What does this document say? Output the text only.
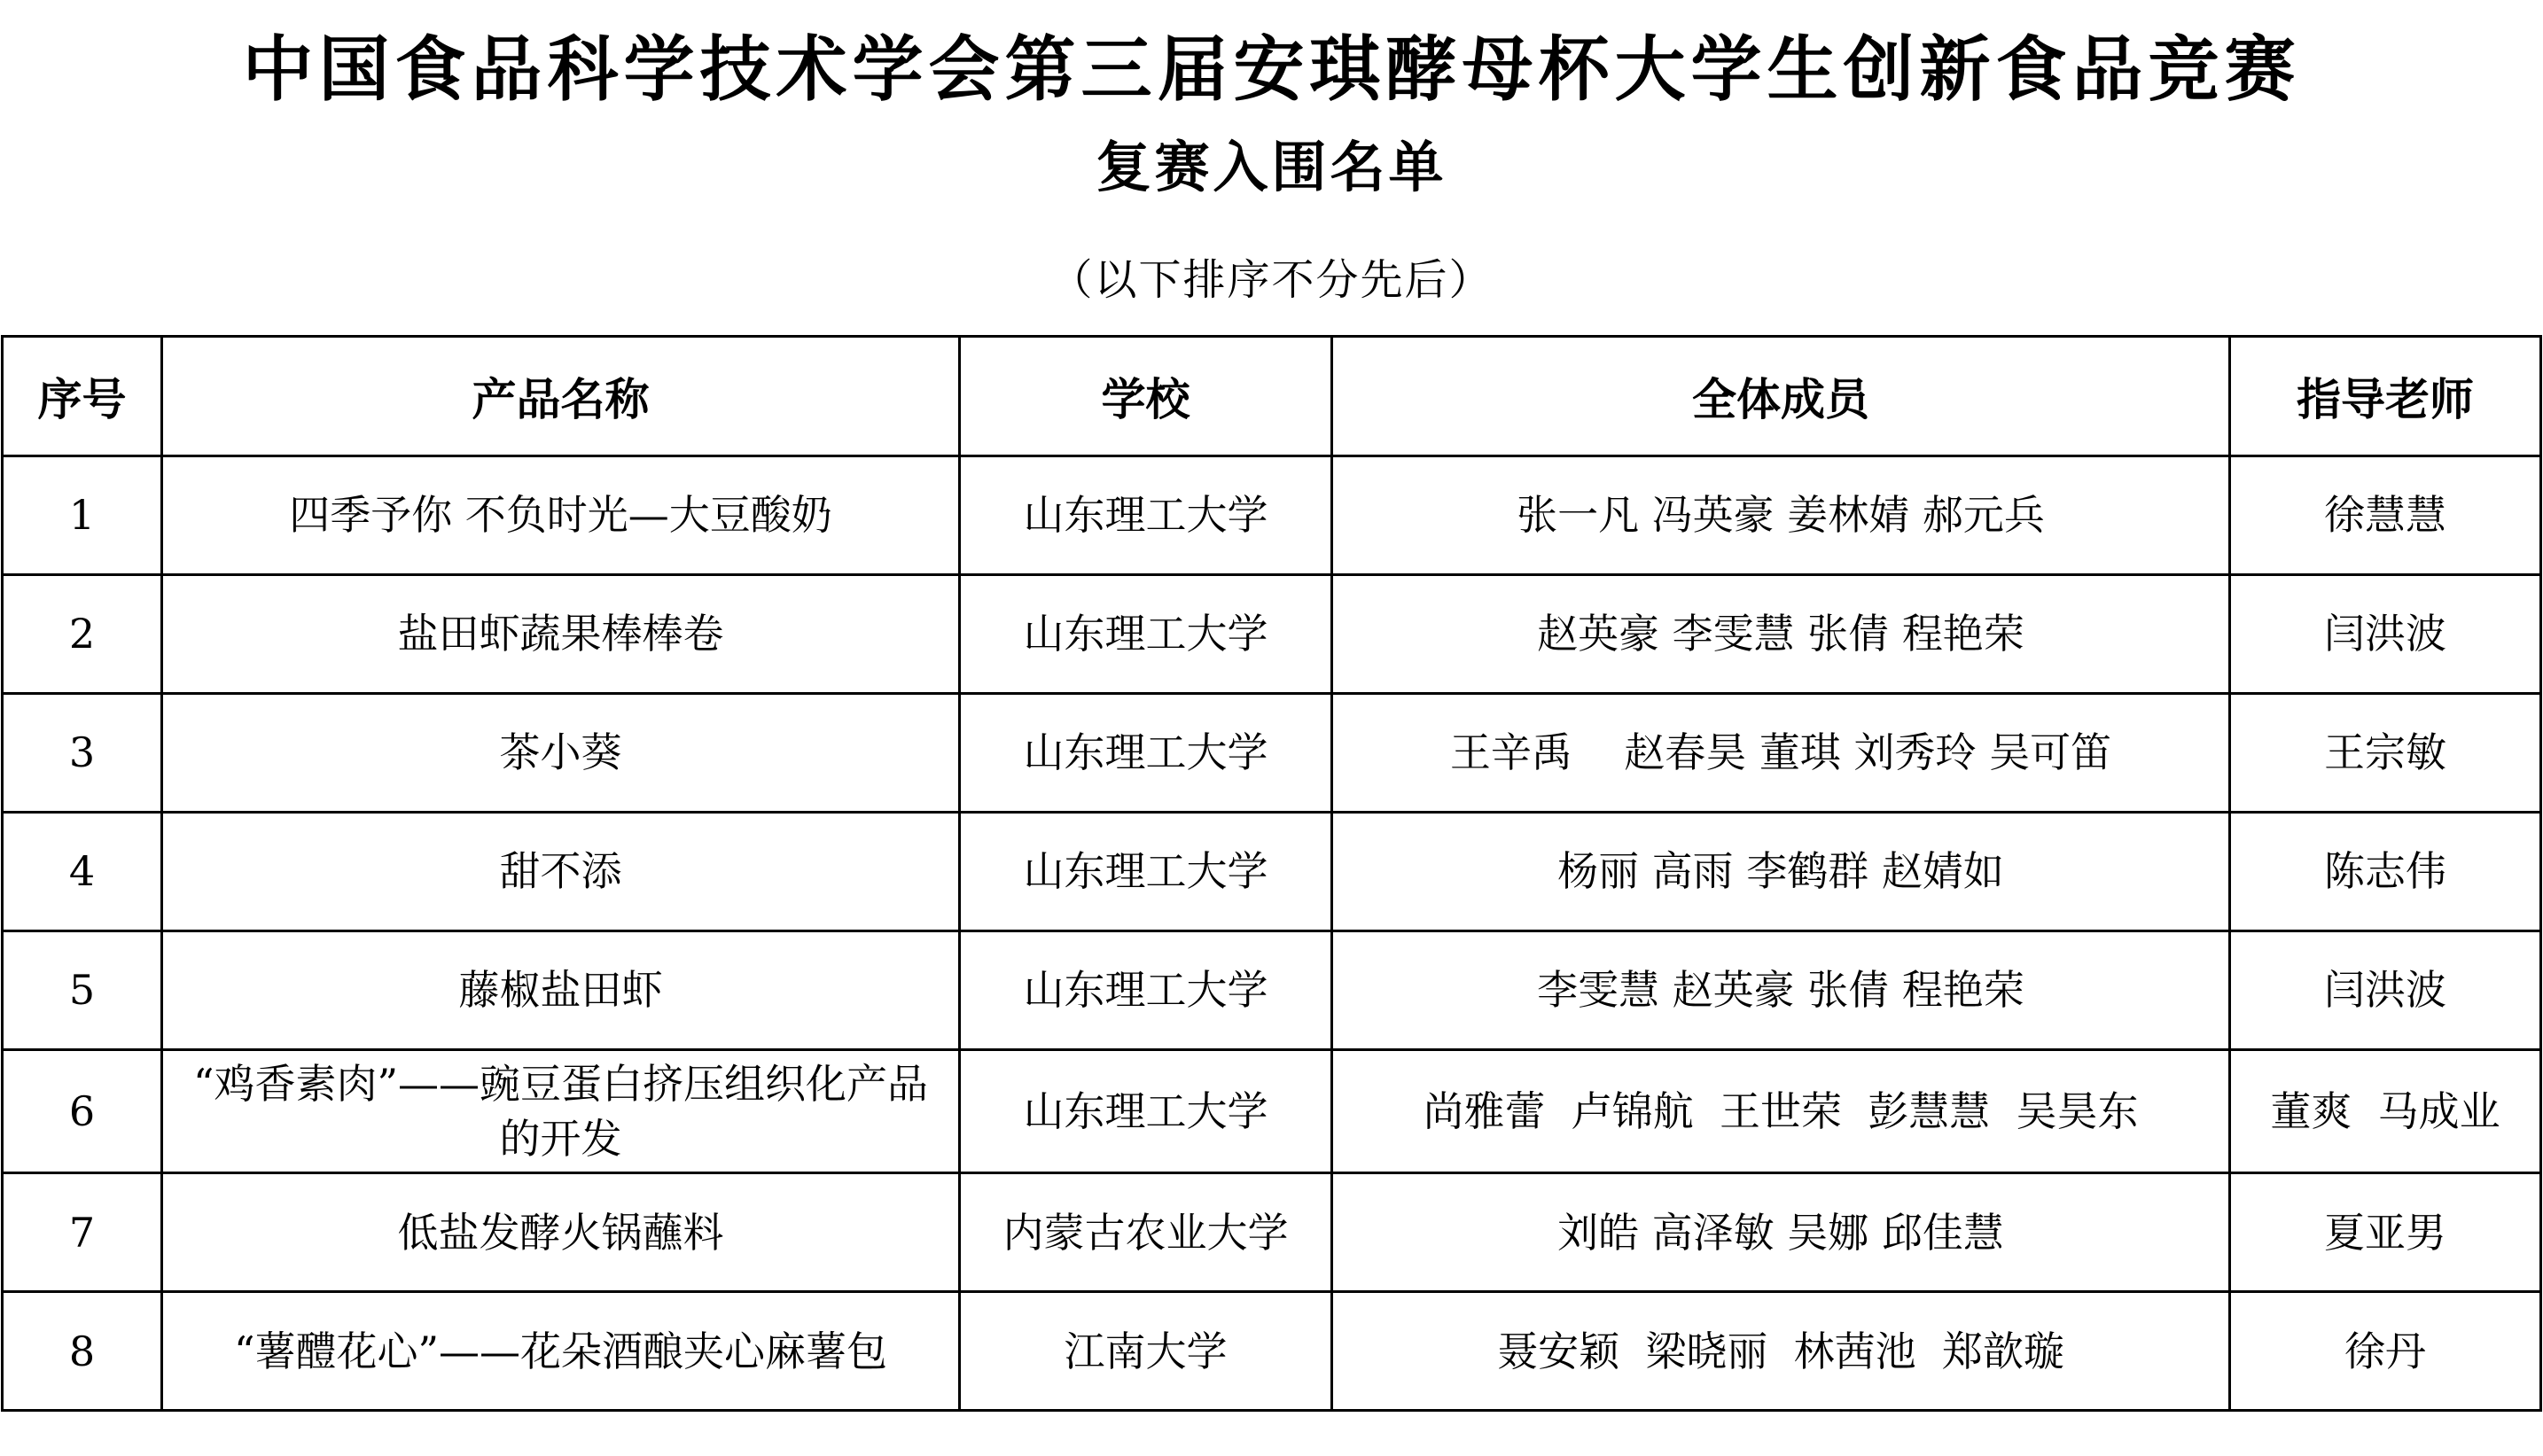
中国食品科学技术学会第三届安琪酵母杯大学生创新食品竞赛
复赛入围名单

（以下排序不分先后）

序号	产品名称	学校	全体成员	指导老师
1	四季予你 不负时光—大豆酸奶	山东理工大学	张一凡 冯英豪 姜林婧 郝元兵	徐慧慧
2	盐田虾蔬果棒棒卷	山东理工大学	赵英豪 李雯慧 张倩 程艳荣	闫洪波
3	茶小葵	山东理工大学	王辛禹    赵春昊 董琪 刘秀玲 吴可笛	王宗敏
4	甜不添	山东理工大学	杨丽 高雨 李鹤群 赵婧如	陈志伟
5	藤椒盐田虾	山东理工大学	李雯慧 赵英豪 张倩 程艳荣	闫洪波
6	“鸡香素肉”——豌豆蛋白挤压组织化产品的开发	山东理工大学	尚雅蕾  卢锦航  王世荣  彭慧慧  吴昊东	董爽  马成业
7	低盐发酵火锅蘸料	内蒙古农业大学	刘皓 高泽敏 吴娜 邱佳慧	夏亚男
8	“薯醴花心”——花朵酒酿夹心麻薯包	江南大学	聂安颖  梁晓丽  林茜池  郑歆璇	徐丹
